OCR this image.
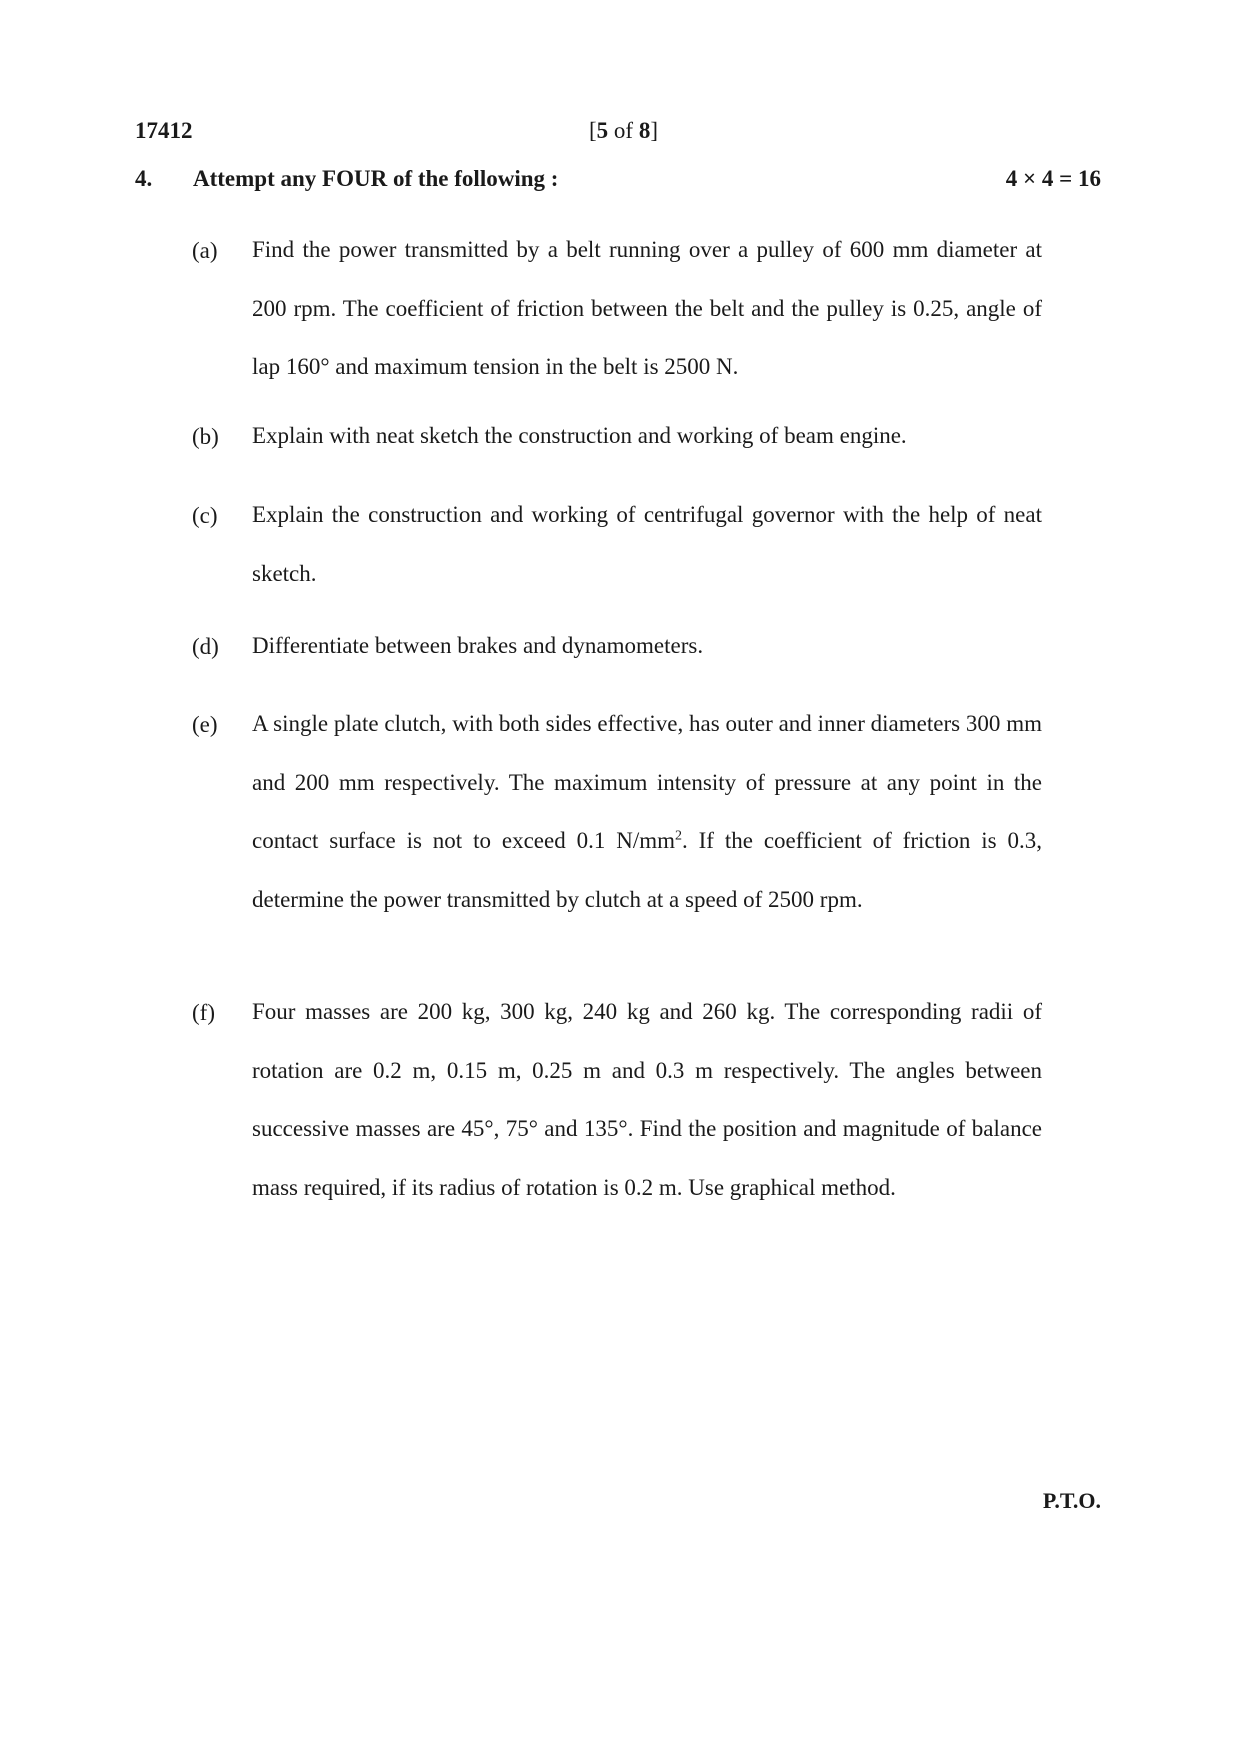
17412	[5 of 8]
4. Attempt any FOUR of the following :	4 × 4 = 16
(a) Find the power transmitted by a belt running over a pulley of 600 mm diameter at 200 rpm. The coefficient of friction between the belt and the pulley is 0.25, angle of lap 160° and maximum tension in the belt is 2500 N.
(b) Explain with neat sketch the construction and working of beam engine.
(c) Explain the construction and working of centrifugal governor with the help of neat sketch.
(d) Differentiate between brakes and dynamometers.
(e) A single plate clutch, with both sides effective, has outer and inner diameters 300 mm and 200 mm respectively. The maximum intensity of pressure at any point in the contact surface is not to exceed 0.1 $N/mm^2$. If the coefficient of friction is 0.3, determine the power transmitted by clutch at a speed of 2500 rpm.
(f) Four masses are 200 kg, 300 kg, 240 kg and 260 kg. The corresponding radii of rotation are 0.2 m, 0.15 m, 0.25 m and 0.3 m respectively. The angles between successive masses are 45°, 75° and 135°. Find the position and magnitude of balance mass required, if its radius of rotation is 0.2 m. Use graphical method.
P.T.O.
